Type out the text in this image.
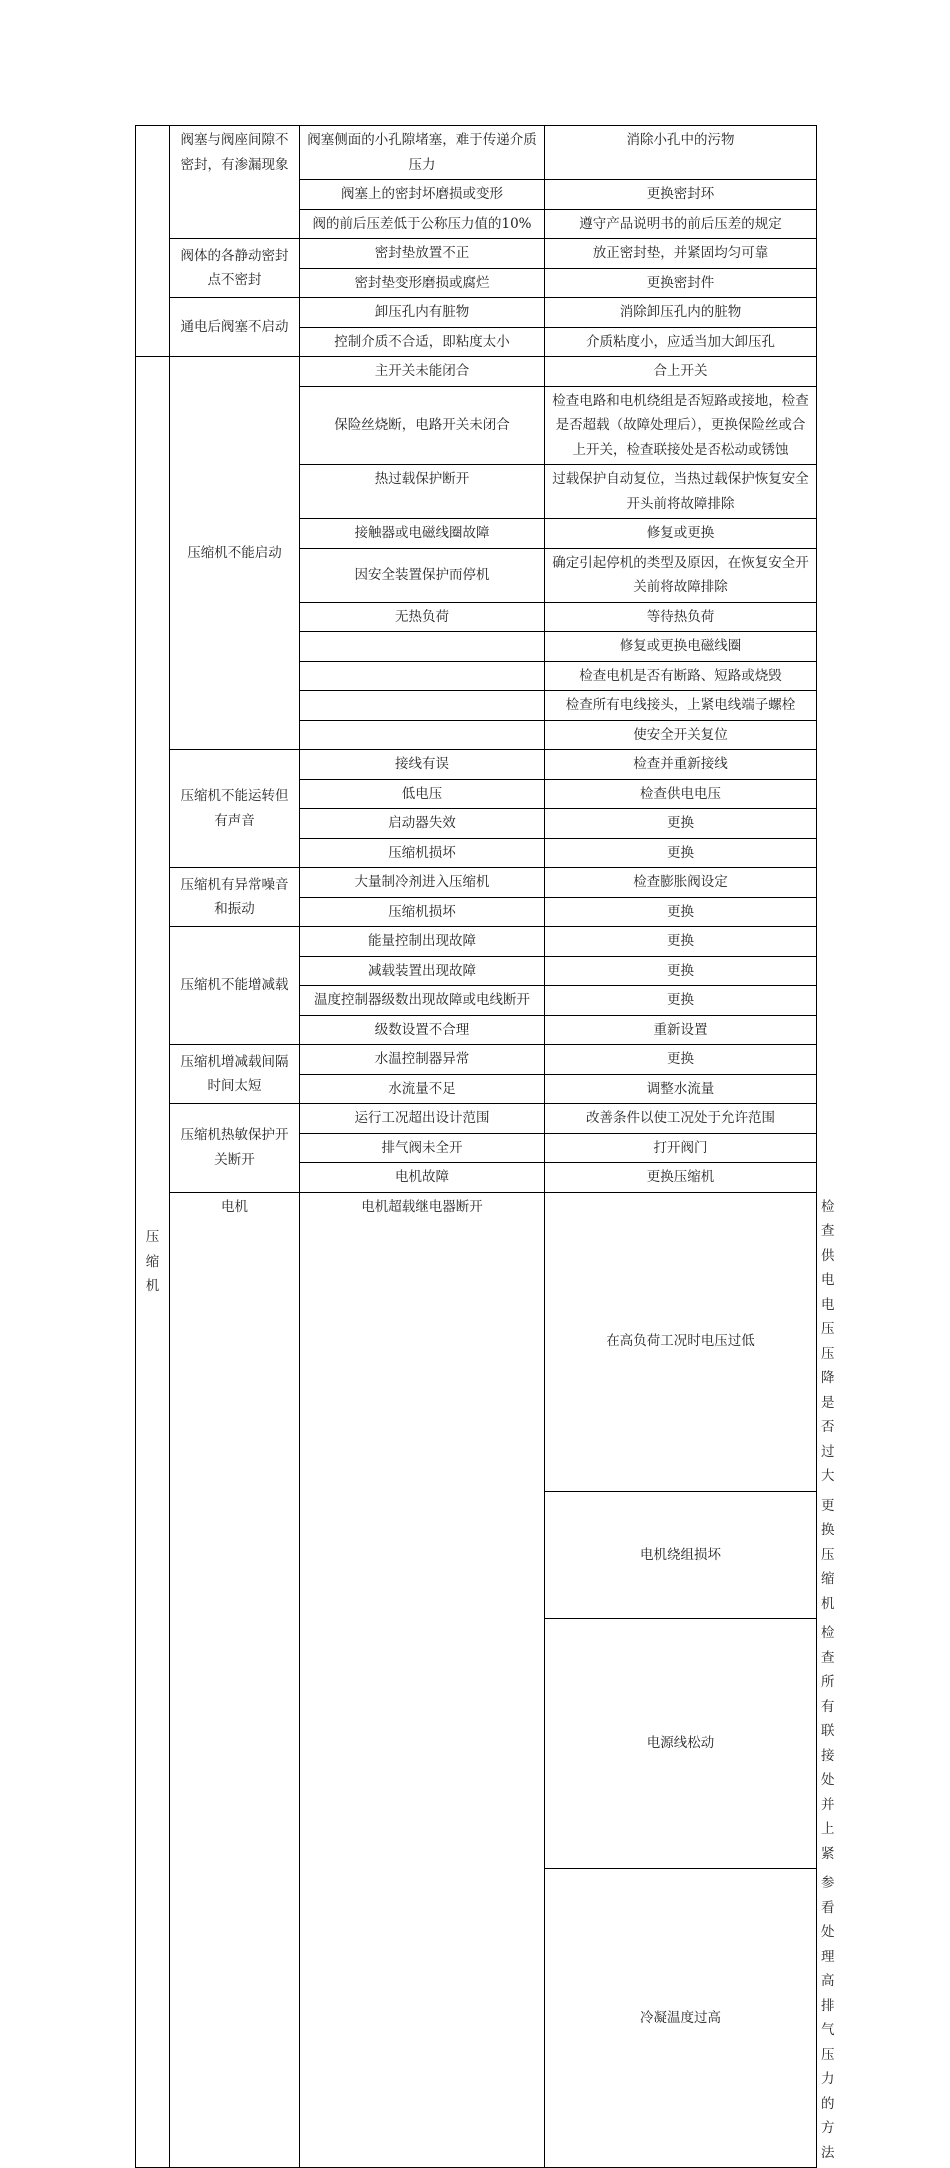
	阀塞与阀座间隙不密封，有渗漏现象	阀塞侧面的小孔隙堵塞，难于传递介质压力	消除小孔中的污物	
		阀塞上的密封坏磨损或变形	更换密封环	
		阀的前后压差低于公称压力值的10%	遵守产品说明书的前后压差的规定	
	阀体的各静动密封点不密封	密封垫放置不正	放正密封垫，并紧固均匀可靠	
		密封垫变形磨损或腐烂	更换密封件	
	通电后阀塞不启动	卸压孔内有脏物	消除卸压孔内的脏物	
		控制介质不合适，即粘度太小	介质粘度小，应适当加大卸压孔	
压缩机	压缩机不能启动	主开关未能闭合	合上开关	
		保险丝烧断，电路开关未闭合	检查电路和电机绕组是否短路或接地，检查是否超载（故障处理后），更换保险丝或合上开关，检查联接处是否松动或锈蚀	
		热过载保护断开	过载保护自动复位，当热过载保护恢复安全开头前将故障排除	
		接触器或电磁线圈故障	修复或更换	
		因安全装置保护而停机	确定引起停机的类型及原因，在恢复安全开关前将故障排除	
		无热负荷	等待热负荷	
			修复或更换电磁线圈	
			检查电机是否有断路、短路或烧毁	
			检查所有电线接头，上紧电线端子螺栓	
			使安全开关复位	
	压缩机不能运转但有声音	接线有误	检查并重新接线	
		低电压	检查供电电压	
		启动器失效	更换	
		压缩机损坏	更换	
	压缩机有异常噪音和振动	大量制冷剂进入压缩机	检查膨胀阀设定	
		压缩机损坏	更换	
	压缩机不能增减载	能量控制出现故障	更换	
		减载装置出现故障	更换	
		温度控制器级数出现故障或电线断开	更换	
		级数设置不合理	重新设置	
	压缩机增减载间隔时间太短	水温控制器异常	更换	
		水流量不足	调整水流量	
	压缩机热敏保护开关断开	运行工况超出设计范围	改善条件以使工况处于允许范围	
		排气阀未全开	打开阀门	
		电机故障	更换压缩机	
	电机	电机超载继电器断开	在高负荷工况时电压过低	检查供电电压压降是否过大
			电机绕组损坏	更换压缩机
			电源线松动	检查所有联接处并上紧
			冷凝温度过高	参看处理高排气压力的方法
